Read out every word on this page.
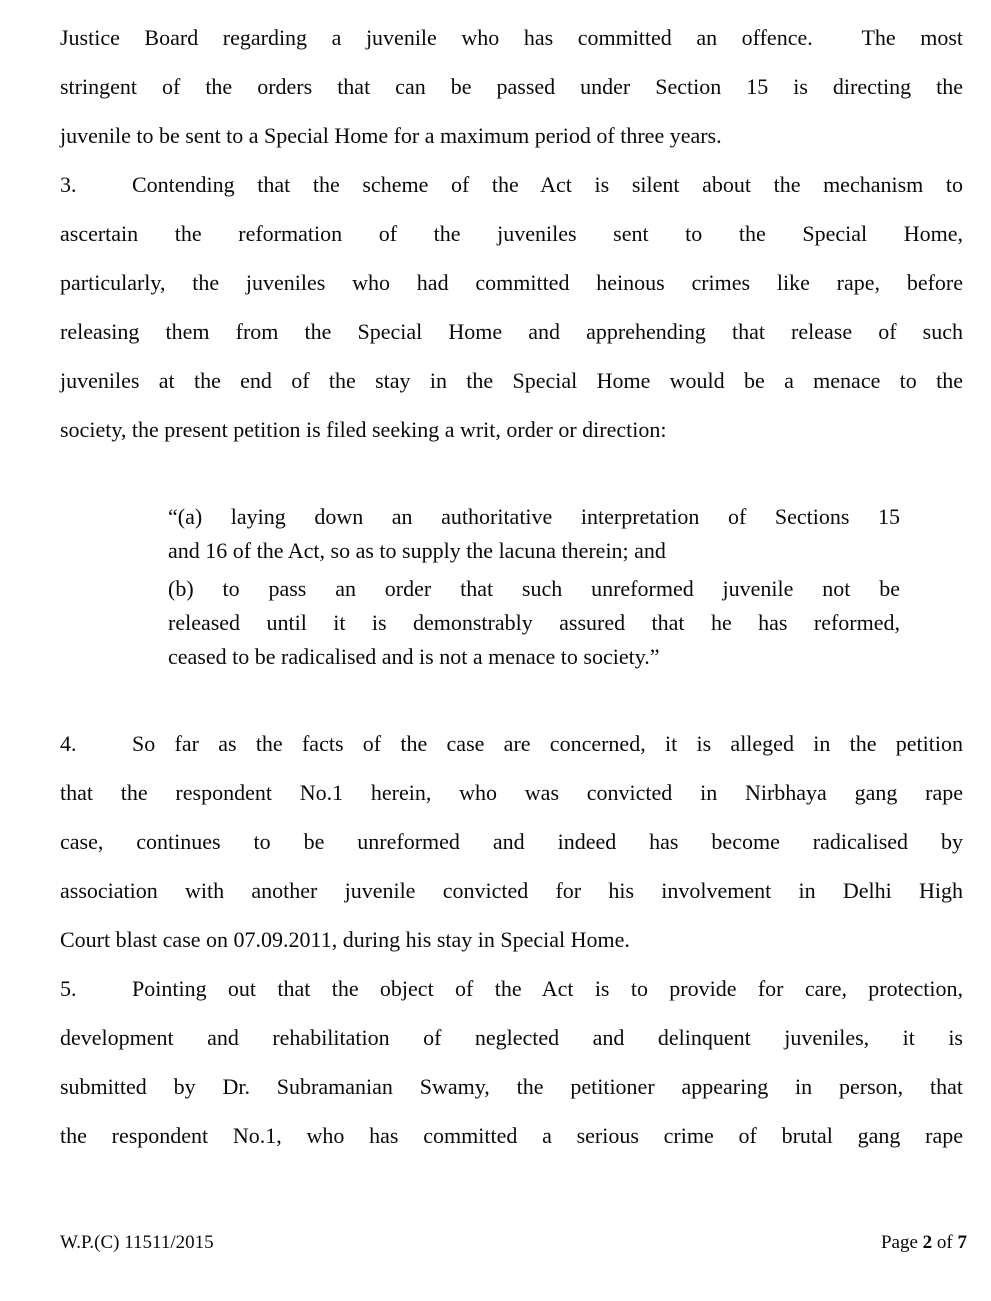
Justice Board regarding a juvenile who has committed an offence.  The most
stringent of the orders that can be passed under Section 15 is directing the
juvenile to be sent to a Special Home for a maximum period of three years.
3.	Contending that the scheme of the Act is silent about the mechanism to
ascertain the reformation of the juveniles sent to the Special Home,
particularly, the juveniles who had committed heinous crimes like rape, before
releasing them from the Special Home and apprehending that release of such
juveniles at the end of the stay in the Special Home would be a menace to the
society, the present petition is filed seeking a writ, order or direction:
“(a) laying down an authoritative interpretation of Sections 15
and 16 of the Act, so as to supply the lacuna therein; and
(b) to pass an order that such unreformed juvenile not be
released until it is demonstrably assured that he has reformed,
ceased to be radicalised and is not a menace to society.”
4.	So far as the facts of the case are concerned, it is alleged in the petition
that the respondent No.1 herein, who was convicted in Nirbhaya gang rape
case, continues to be unreformed and indeed has become radicalised by
association with another juvenile convicted for his involvement in Delhi High
Court blast case on 07.09.2011, during his stay in Special Home.
5.	Pointing out that the object of the Act is to provide for care, protection,
development and rehabilitation of neglected and delinquent juveniles, it is
submitted by Dr. Subramanian Swamy, the petitioner appearing in person, that
the respondent No.1, who has committed a serious crime of brutal gang rape
W.P.(C) 11511/2015	Page 2 of 7
